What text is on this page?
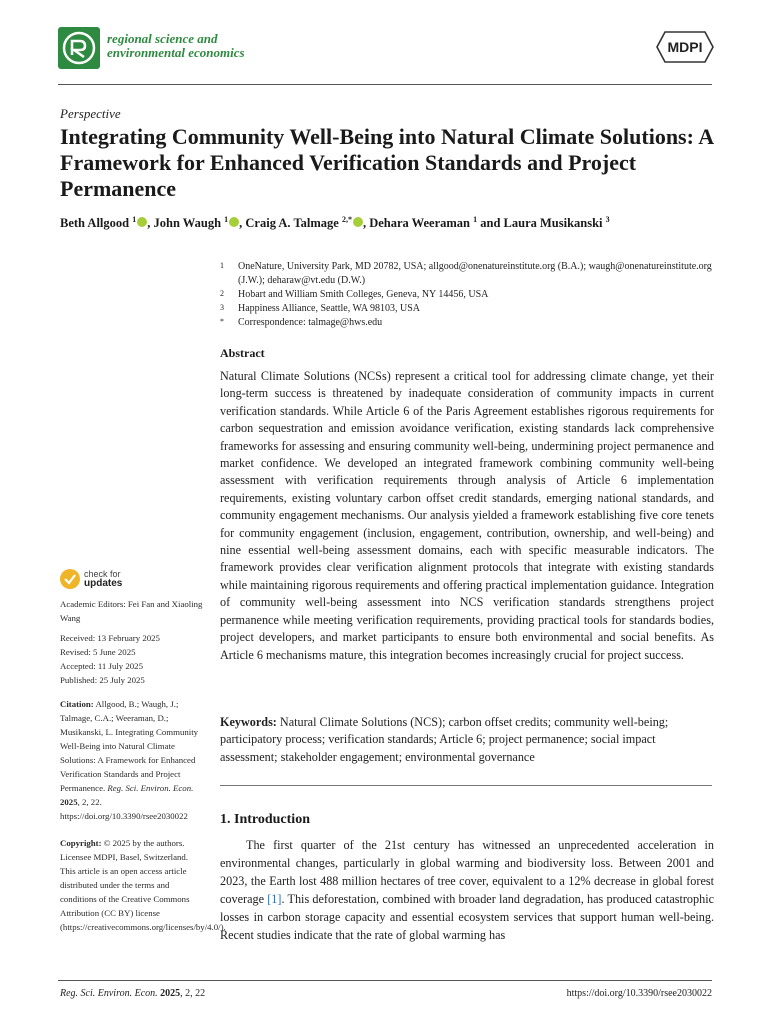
regional science and
environmental economics	MDPI
Perspective
Integrating Community Well-Being into Natural Climate Solutions: A Framework for Enhanced Verification Standards and Project Permanence
Beth Allgood $^1$ , John Waugh $^1$ , Craig A. Talmage $^{2,*}$ , Dehara Weeraman $^1$ and Laura Musikanski $^3$
1	OneNature, University Park, MD 20782, USA; allgood@onenatureinstitute.org (B.A.); waugh@onenatureinstitute.org (J.W.); deharaw@vt.edu (D.W.)
2	Hobart and William Smith Colleges, Geneva, NY 14456, USA
3	Happiness Alliance, Seattle, WA 98103, USA
*	Correspondence: talmage@hws.edu
Abstract
Natural Climate Solutions (NCSs) represent a critical tool for addressing climate change, yet their long-term success is threatened by inadequate consideration of community impacts in current verification standards. While Article 6 of the Paris Agreement establishes rigorous requirements for carbon sequestration and emission avoidance verification, existing standards lack comprehensive frameworks for assessing and ensuring community well-being, undermining project permanence and market confidence. We developed an integrated framework combining community well-being assessment with verification requirements through analysis of Article 6 implementation requirements, existing voluntary carbon offset credit standards, emerging national standards, and community engagement mechanisms. Our analysis yielded a framework establishing five core tenets for community engagement (inclusion, engagement, contribution, ownership, and well-being) and nine essential well-being assessment domains, each with specific measurable indicators. The framework provides clear verification alignment protocols that integrate with existing standards while maintaining rigorous requirements and offering practical implementation guidance. Integration of community well-being assessment into NCS verification standards strengthens project permanence while meeting verification requirements, providing practical tools for standards bodies, project developers, and market participants to ensure both environmental and social benefits. As Article 6 mechanisms mature, this integration becomes increasingly crucial for project success.
Keywords: Natural Climate Solutions (NCS); carbon offset credits; community well-being; participatory process; verification standards; Article 6; project permanence; social impact assessment; stakeholder engagement; environmental governance
1. Introduction
The first quarter of the 21st century has witnessed an unprecedented acceleration in environmental changes, particularly in global warming and biodiversity loss. Between 2001 and 2023, the Earth lost 488 million hectares of tree cover, equivalent to a 12% decrease in global forest coverage [1]. This deforestation, combined with broader land degradation, has produced catastrophic losses in carbon storage capacity and essential ecosystem services that support human well-being. Recent studies indicate that the rate of global warming has
check for
updates
Academic Editors: Fei Fan and Xiaoling Wang
Received: 13 February 2025
Revised: 5 June 2025
Accepted: 11 July 2025
Published: 25 July 2025
Citation: Allgood, B.; Waugh, J.; Talmage, C.A.; Weeraman, D.; Musikanski, L. Integrating Community Well-Being into Natural Climate Solutions: A Framework for Enhanced Verification Standards and Project Permanence. Reg. Sci. Environ. Econ. 2025, 2, 22. https://doi.org/10.3390/rsee2030022
Copyright: © 2025 by the authors. Licensee MDPI, Basel, Switzerland. This article is an open access article distributed under the terms and conditions of the Creative Commons Attribution (CC BY) license (https://creativecommons.org/licenses/by/4.0/).
Reg. Sci. Environ. Econ. 2025, 2, 22	https://doi.org/10.3390/rsee2030022
